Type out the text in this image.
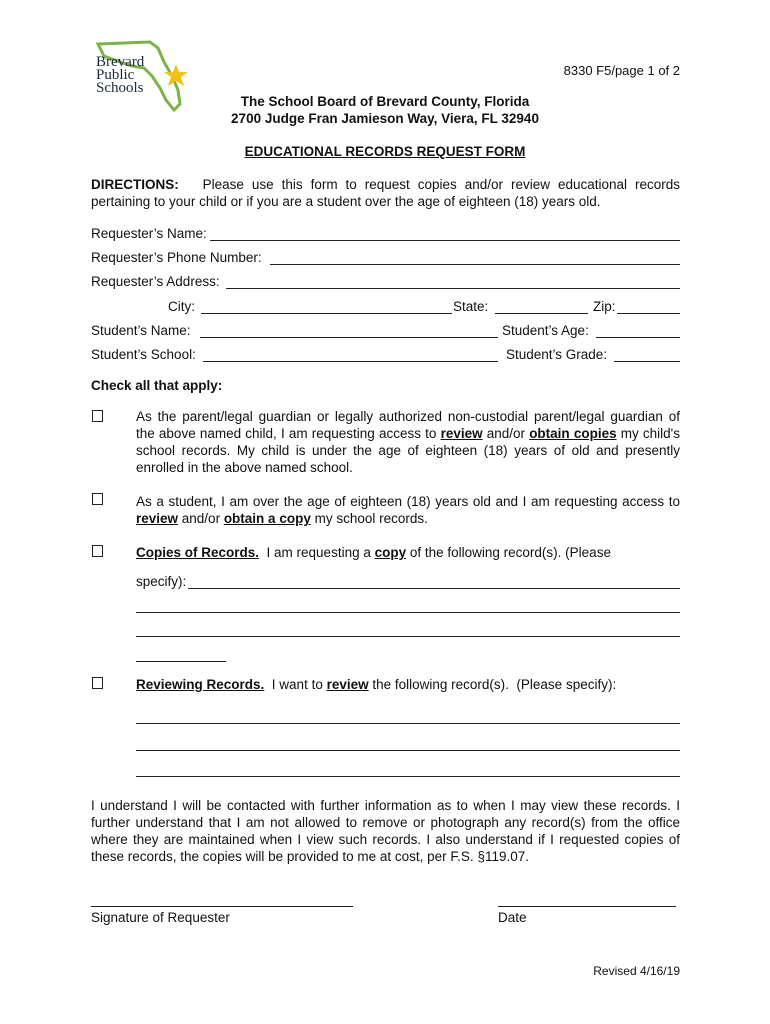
Brevard
Public
Schools
8330 F5/page 1 of 2
The School Board of Brevard County, Florida
2700 Judge Fran Jamieson Way, Viera, FL 32940
EDUCATIONAL RECORDS REQUEST FORM
DIRECTIONS: Please use this form to request copies and/or review educational records pertaining to your child or if you are a student over the age of eighteen (18) years old.
Requester’s Name:
Requester’s Phone Number:
Requester’s Address:
City:	State:	Zip:
Student’s Name:	Student’s Age:
Student’s School:	Student’s Grade:
Check all that apply:
As the parent/legal guardian or legally authorized non-custodial parent/legal guardian of the above named child, I am requesting access to review and/or obtain copies my child's school records. My child is under the age of eighteen (18) years of old and presently enrolled in the above named school.
As a student, I am over the age of eighteen (18) years old and I am requesting access to review and/or obtain a copy my school records.
Copies of Records.  I am requesting a copy of the following record(s). (Please
specify):
Reviewing Records.  I want to review the following record(s).  (Please specify):
I understand I will be contacted with further information as to when I may view these records. I further understand that I am not allowed to remove or photograph any record(s) from the office where they are maintained when I view such records. I also understand if I requested copies of these records, the copies will be provided to me at cost, per F.S. §119.07.
Signature of Requester	Date
Revised 4/16/19
